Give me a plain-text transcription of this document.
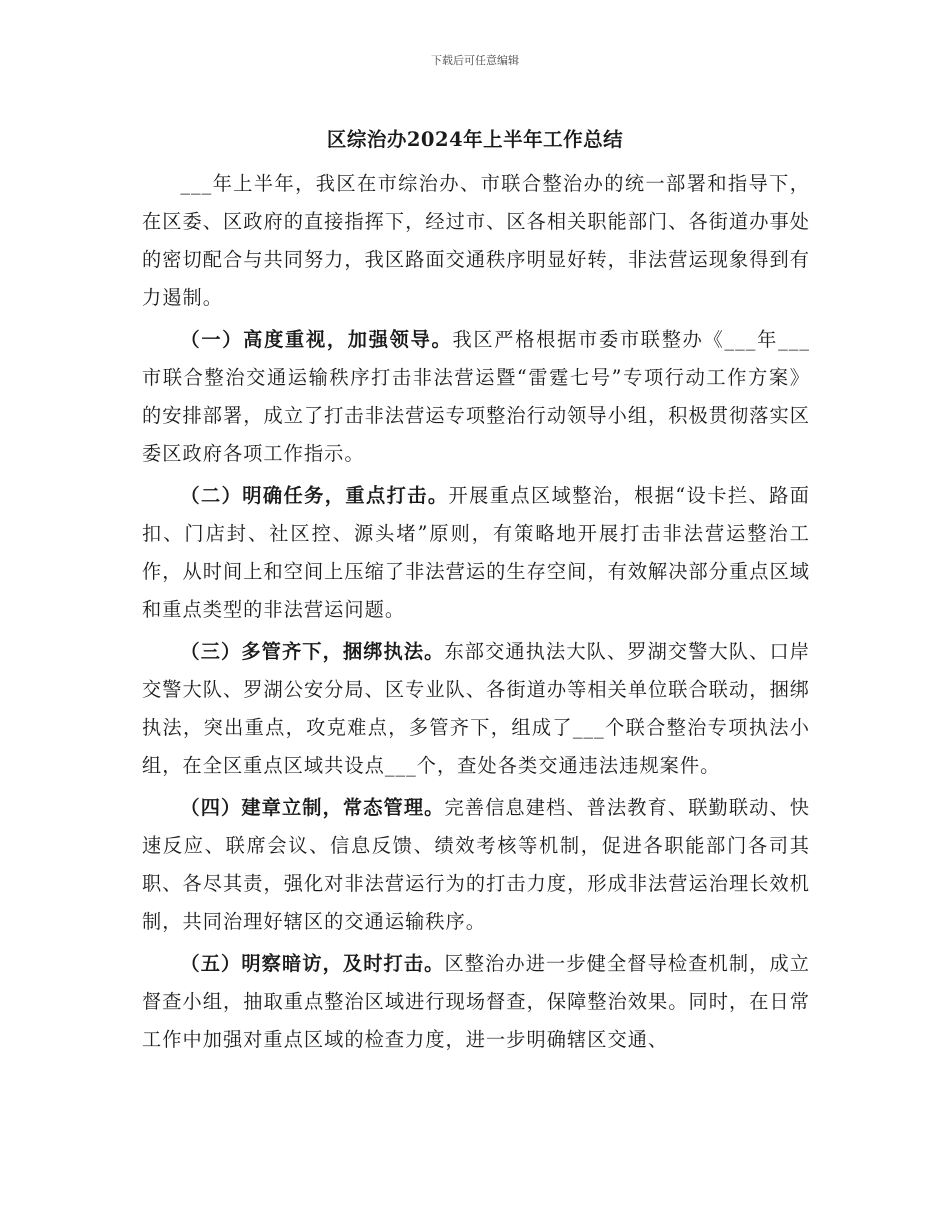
下载后可任意编辑
区综治办2024年上半年工作总结

___年上半年，我区在市综治办、市联合整治办的统一部署和指导下，在区委、区政府的直接指挥下，经过市、区各相关职能部门、各街道办事处的密切配合与共同努力，我区路面交通秩序明显好转，非法营运现象得到有力遏制。

（一）高度重视，加强领导。我区严格根据市委市联整办《___年___市联合整治交通运输秩序打击非法营运暨“雷霆七号”专项行动工作方案》的安排部署，成立了打击非法营运专项整治行动领导小组，积极贯彻落实区委区政府各项工作指示。

（二）明确任务，重点打击。开展重点区域整治，根据“设卡拦、路面扣、门店封、社区控、源头堵”原则，有策略地开展打击非法营运整治工作，从时间上和空间上压缩了非法营运的生存空间，有效解决部分重点区域和重点类型的非法营运问题。

（三）多管齐下，捆绑执法。东部交通执法大队、罗湖交警大队、口岸交警大队、罗湖公安分局、区专业队、各街道办等相关单位联合联动，捆绑执法，突出重点，攻克难点，多管齐下，组成了___个联合整治专项执法小组，在全区重点区域共设点___个，查处各类交通违法违规案件。

（四）建章立制，常态管理。完善信息建档、普法教育、联勤联动、快速反应、联席会议、信息反馈、绩效考核等机制，促进各职能部门各司其职、各尽其责，强化对非法营运行为的打击力度，形成非法营运治理长效机制，共同治理好辖区的交通运输秩序。

（五）明察暗访，及时打击。区整治办进一步健全督导检查机制，成立督查小组，抽取重点整治区域进行现场督查，保障整治效果。同时，在日常工作中加强对重点区域的检查力度，进一步明确辖区交通、
